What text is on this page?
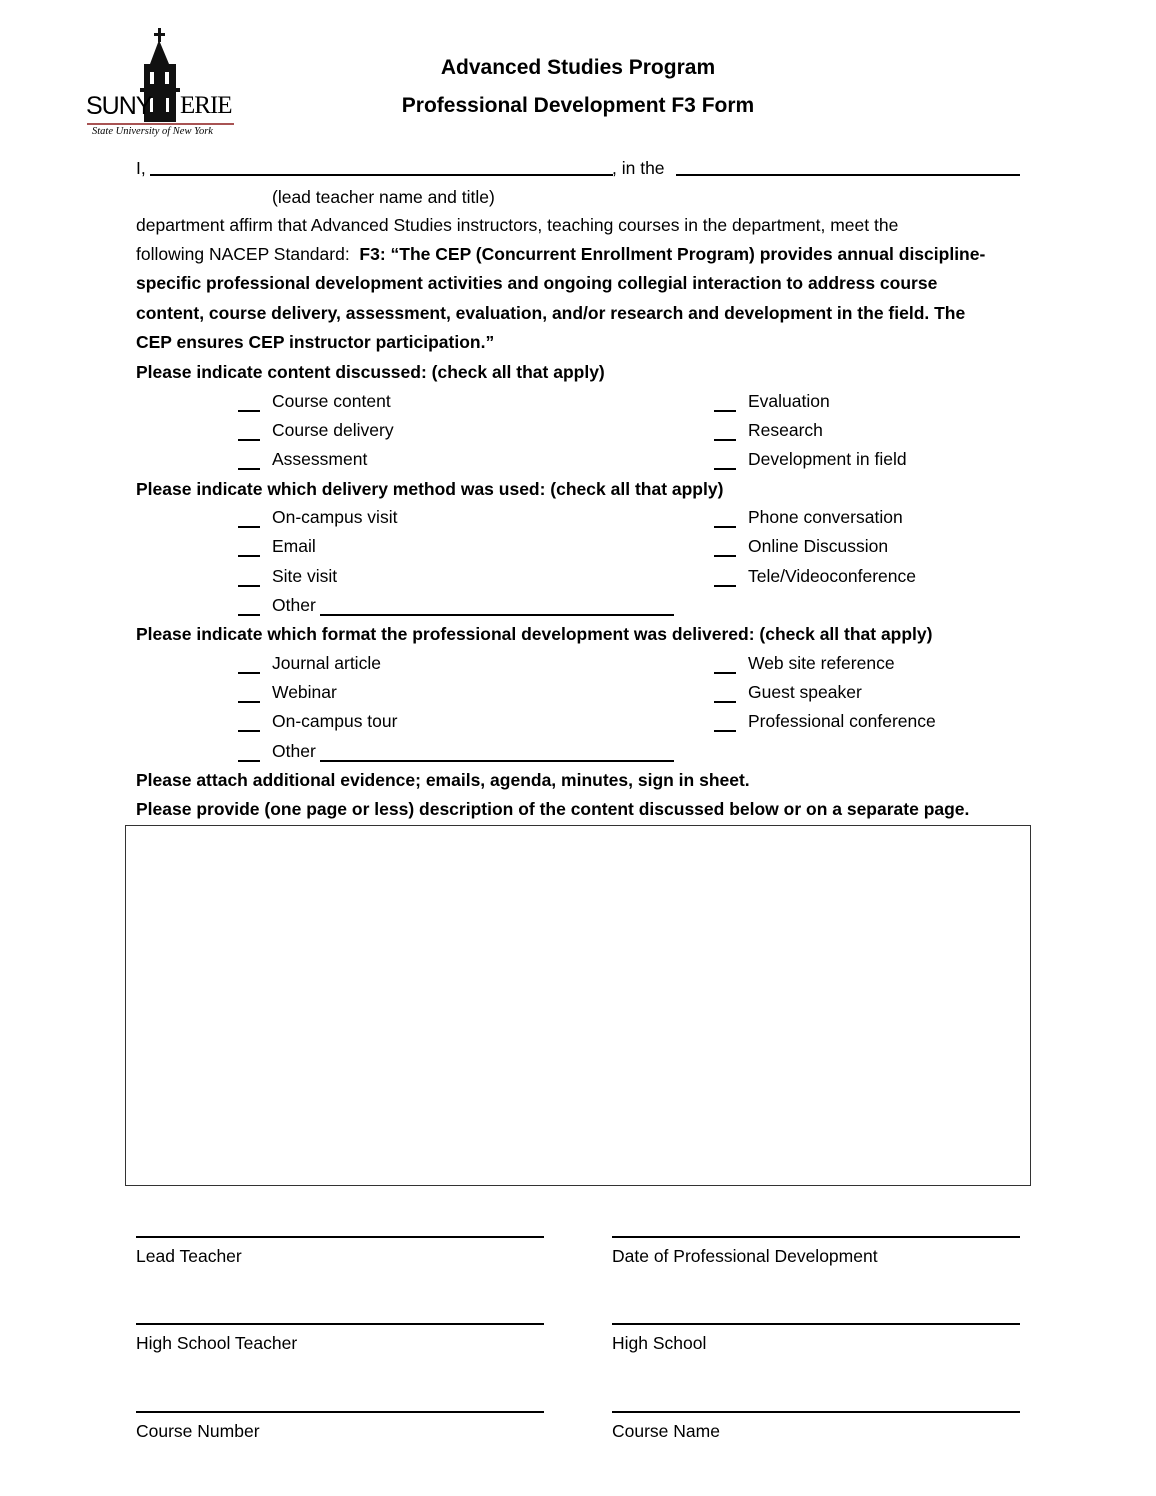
SUNY ERIE
State University of New York
Advanced Studies Program
Professional Development F3 Form
I,	, in the
(lead teacher name and title)
department affirm that Advanced Studies instructors, teaching courses in the department, meet the
following NACEP Standard:  F3: “The CEP (Concurrent Enrollment Program) provides annual discipline-
specific professional development activities and ongoing collegial interaction to address course
content, course delivery, assessment, evaluation, and/or research and development in the field. The
CEP ensures CEP instructor participation.”
Please indicate content discussed: (check all that apply)
Course content
Course delivery
Assessment
Evaluation
Research
Development in field
Please indicate which delivery method was used: (check all that apply)
On-campus visit
Email
Site visit
Other
Phone conversation
Online Discussion
Tele/Videoconference
Please indicate which format the professional development was delivered: (check all that apply)
Journal article
Webinar
On-campus tour
Other
Web site reference
Guest speaker
Professional conference
Please attach additional evidence; emails, agenda, minutes, sign in sheet.
Please provide (one page or less) description of the content discussed below or on a separate page.
Lead Teacher	Date of Professional Development
High School Teacher	High School
Course Number	Course Name
